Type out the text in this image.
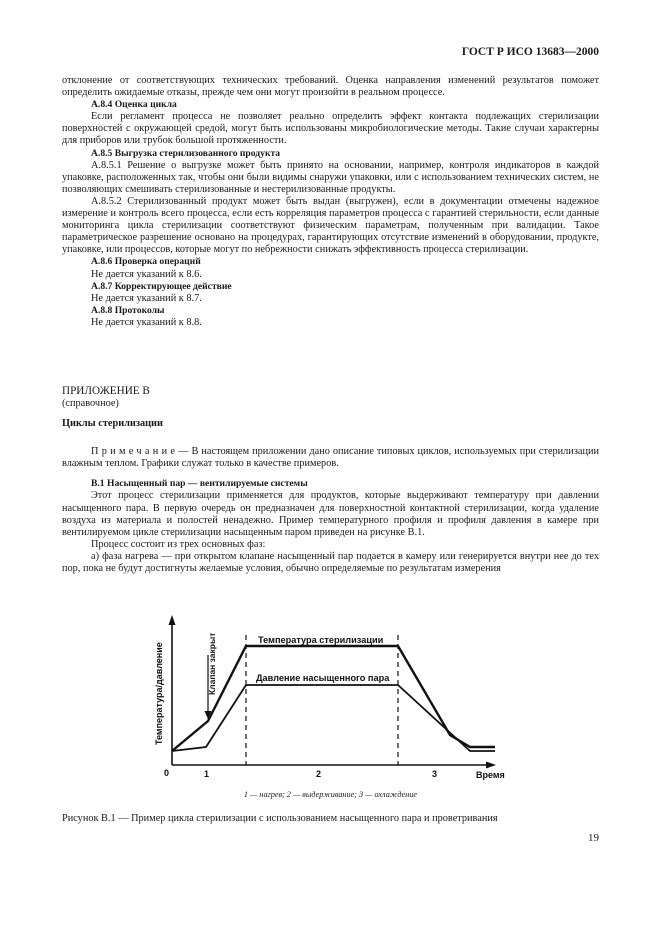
ГОСТ Р ИСО 13683—2000

отклонение от соответствующих технических требований. Оценка направления изменений результатов поможет определить ожидаемые отказы, прежде чем они могут произойти в реальном процессе.

А.8.4 Оценка цикла

Если регламент процесса не позволяет реально определить эффект контакта подлежащих стерилизации поверхностей с окружающей средой, могут быть использованы микробиологические методы. Такие случаи характерны для приборов или трубок большой протяженности.

А.8.5 Выгрузка стерилизованного продукта

А.8.5.1 Решение о выгрузке может быть принято на основании, например, контроля индикаторов в каждой упаковке, расположенных так, чтобы они были видимы снаружи упаковки, или с использованием технических систем, не позволяющих смешивать стерилизованные и нестерилизованные продукты.

А.8.5.2 Стерилизованный продукт может быть выдан (выгружен), если в документации отмечены надежное измерение и контроль всего процесса, если есть корреляция параметров процесса с гарантией стерильности, если данные мониторинга цикла стерилизации соответствуют физическим параметрам, полученным при валидации. Такое параметрическое разрешение основано на процедурах, гарантирующих отсутствие изменений в оборудовании, продукте, упаковке, или процессов, которые могут по небрежности снижать эффективность процесса стерилизации.

А.8.6 Проверка операций

Не дается указаний к 8.6.

А.8.7 Корректирующее действие

Не дается указаний к 8.7.

А.8.8 Протоколы

Не дается указаний к 8.8.

ПРИЛОЖЕНИЕ В

(справочное)

Циклы стерилизации

Примечание— В настоящем приложении дано описание типовых циклов, используемых при стерилизации влажным теплом. Графики служат только в качестве примеров.

В.1 Насыщенный пар — вентилируемые системы

Этот процесс стерилизации применяется для продуктов, которые выдерживают температуру при давлении насыщенного пара. В первую очередь он предназначен для поверхностной контактной стерилизации, когда удаление воздуха из материала и полостей ненадежно. Пример температурного профиля и профиля давления в камере при вентилируемом цикле стерилизации насыщенным паром приведен на рисунке В.1.

Процесс состоит из трех основных фаз:

а) фаза нагрева — при открытом клапане насыщенный пар подается в камеру или генерируется внутри нее до тех пор, пока не будут достигнуты желаемые условия, обычно определяемые по результатам измерения

Температура стерилизации
Давление насыщенного пара
Клапан закрыт
Температура/давление
0	1	2	3	Время
1 — нагрев; 2 — выдерживание; 3 — охлаждение
Рисунок В.1 — Пример цикла стерилизации с использованием насыщенного пара и проветривания
19
